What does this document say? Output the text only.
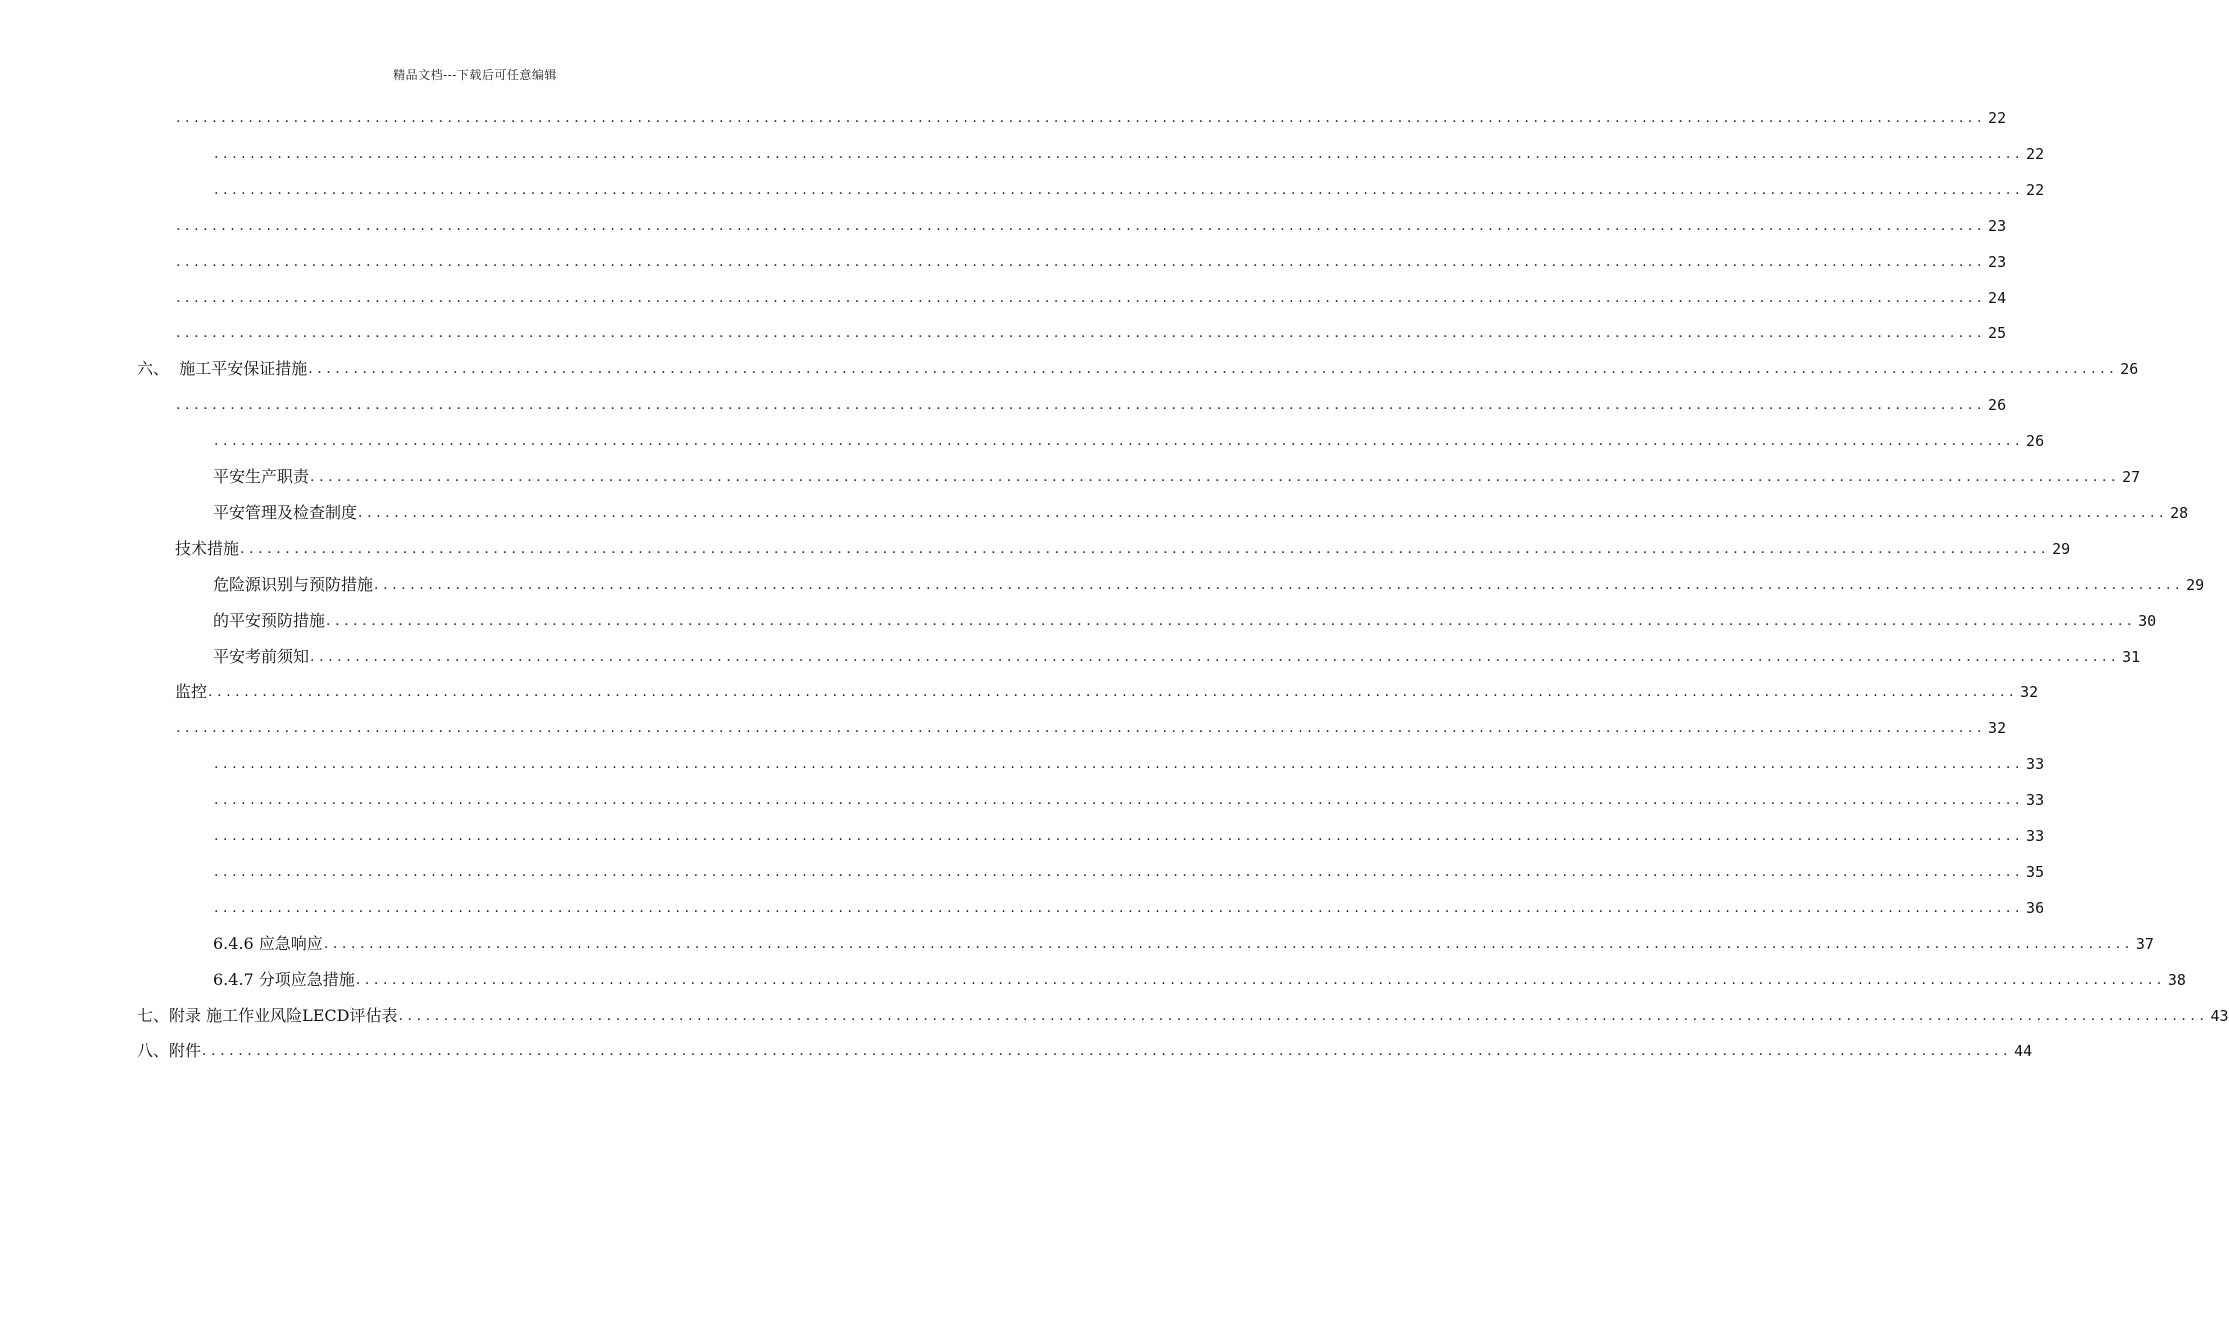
精品文档---下载后可任意编辑
........................................................................................................................................................................................................ 22
........................................................................................................................................................................................................ 22
........................................................................................................................................................................................................ 22
........................................................................................................................................................................................................ 23
........................................................................................................................................................................................................ 23
........................................................................................................................................................................................................ 24
........................................................................................................................................................................................................ 25
六、 施工平安保证措施 ........................................................................................................................................................................................................ 26
........................................................................................................................................................................................................ 26
........................................................................................................................................................................................................ 26
平安生产职责 ........................................................................................................................................................................................................ 27
平安管理及检查制度 ........................................................................................................................................................................................................ 28
技术措施 ........................................................................................................................................................................................................ 29
危险源识别与预防措施 ........................................................................................................................................................................................................ 29
的平安预防措施 ........................................................................................................................................................................................................ 30
平安考前须知 ........................................................................................................................................................................................................ 31
监控 ........................................................................................................................................................................................................ 32
........................................................................................................................................................................................................ 32
........................................................................................................................................................................................................ 33
........................................................................................................................................................................................................ 33
........................................................................................................................................................................................................ 33
........................................................................................................................................................................................................ 35
........................................................................................................................................................................................................ 36
6.4.6 应急响应 ........................................................................................................................................................................................................ 37
6.4.7 分项应急措施 ........................................................................................................................................................................................................ 38
七、 附录 施工作业风险LECD评估表 ........................................................................................................................................................................................................ 43
八、 附件 ........................................................................................................................................................................................................ 44
